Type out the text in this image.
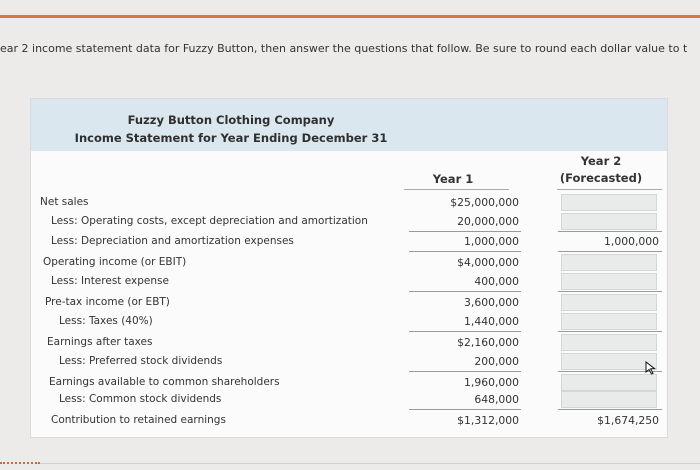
ear 2 income statement data for Fuzzy Button, then answer the questions that follow. Be sure to round each dollar value to t
Fuzzy Button Clothing Company
Income Statement for Year Ending December 31
Year 2
(Forecasted)
Year 1
Net sales	$25,000,000
Less: Operating costs, except depreciation and amortization	20,000,000
Less: Depreciation and amortization expenses	1,000,000	1,000,000
Operating income (or EBIT)	$4,000,000
Less: Interest expense	400,000
Pre-tax income (or EBT)	3,600,000
Less: Taxes (40%)	1,440,000
Earnings after taxes	$2,160,000
Less: Preferred stock dividends	200,000
Earnings available to common shareholders	1,960,000
Less: Common stock dividends	648,000
Contribution to retained earnings	$1,312,000	$1,674,250
